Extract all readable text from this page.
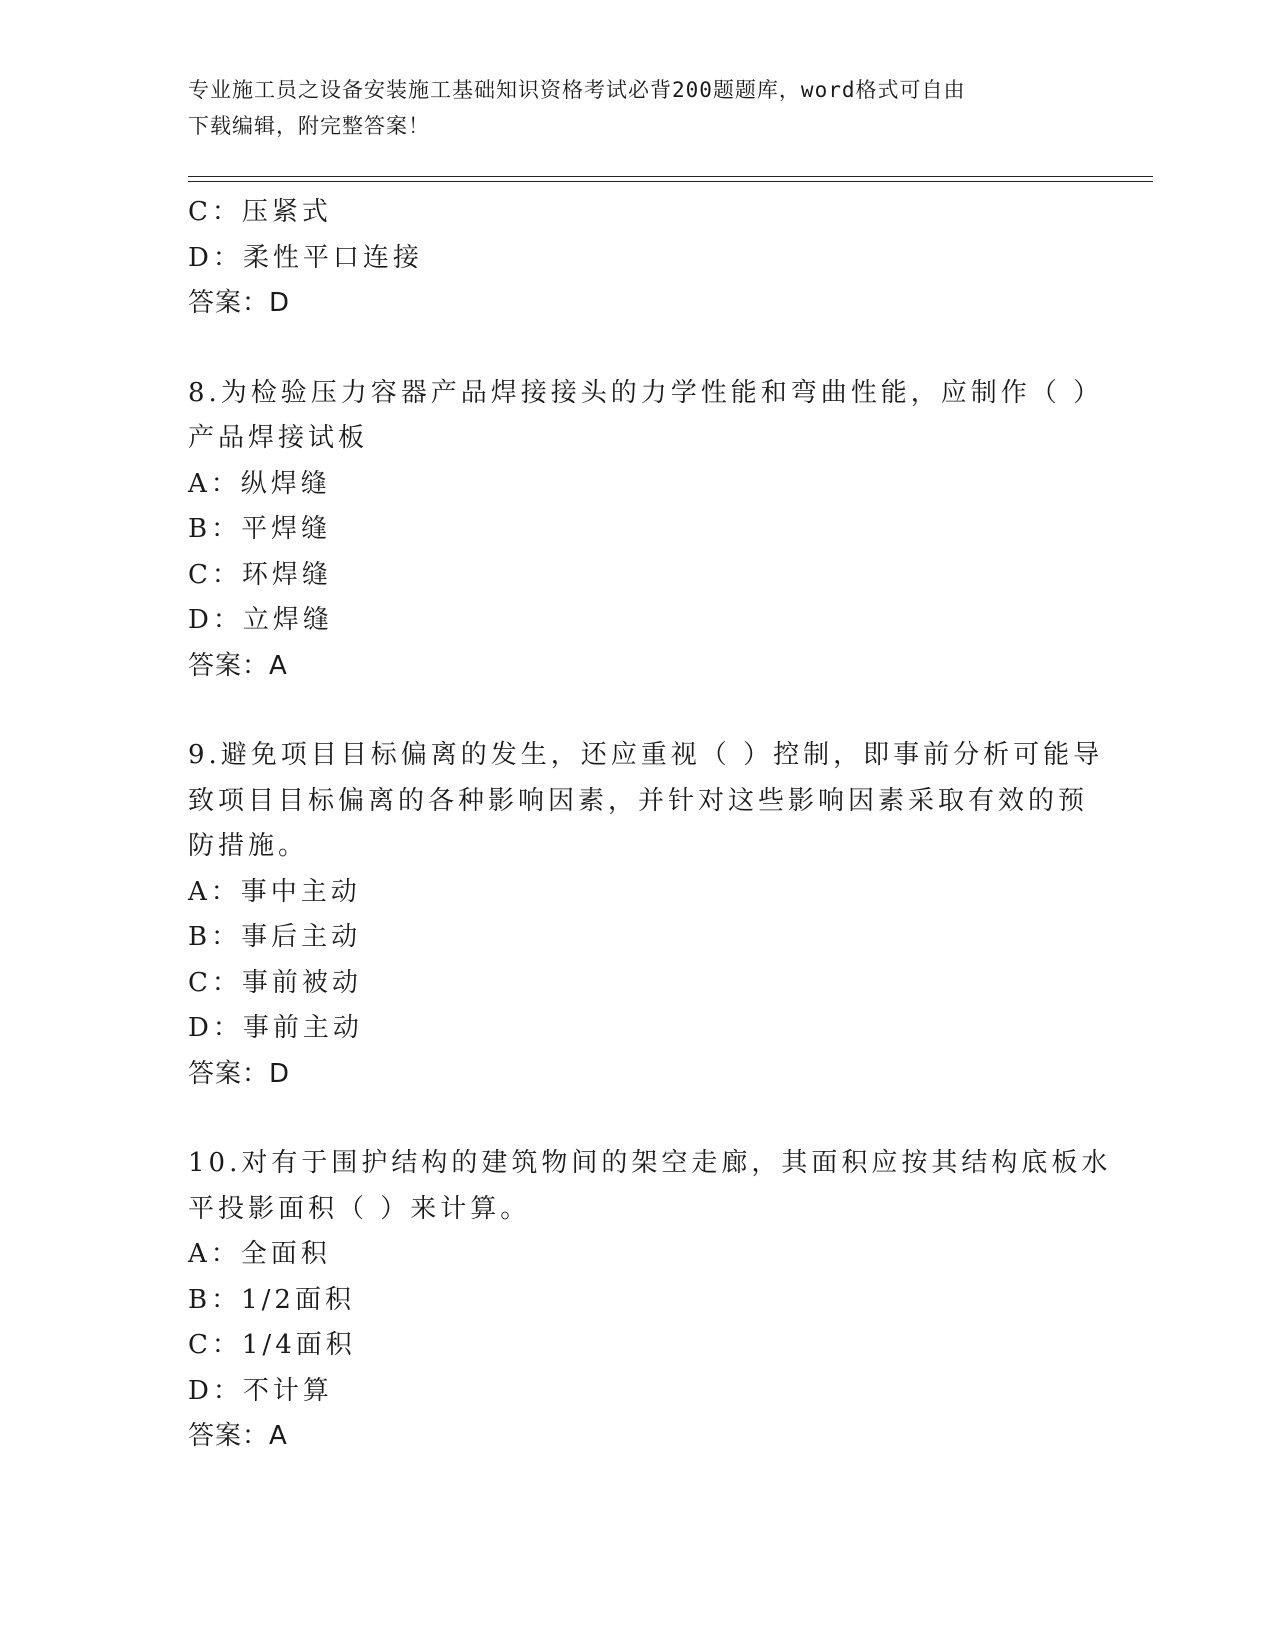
专业施工员之设备安装施工基础知识资格考试必背200题题库，word格式可自由
下载编辑，附完整答案！
C：压紧式
D：柔性平口连接
答案：D
8.为检验压力容器产品焊接接头的力学性能和弯曲性能，应制作（ ）
产品焊接试板
A：纵焊缝
B：平焊缝
C：环焊缝
D：立焊缝
答案：A
9.避免项目目标偏离的发生，还应重视（ ）控制，即事前分析可能导
致项目目标偏离的各种影响因素，并针对这些影响因素采取有效的预
防措施。
A：事中主动
B：事后主动
C：事前被动
D：事前主动
答案：D
10.对有于围护结构的建筑物间的架空走廊，其面积应按其结构底板水
平投影面积（ ）来计算。
A：全面积
B：1/2面积
C：1/4面积
D：不计算
答案：A
